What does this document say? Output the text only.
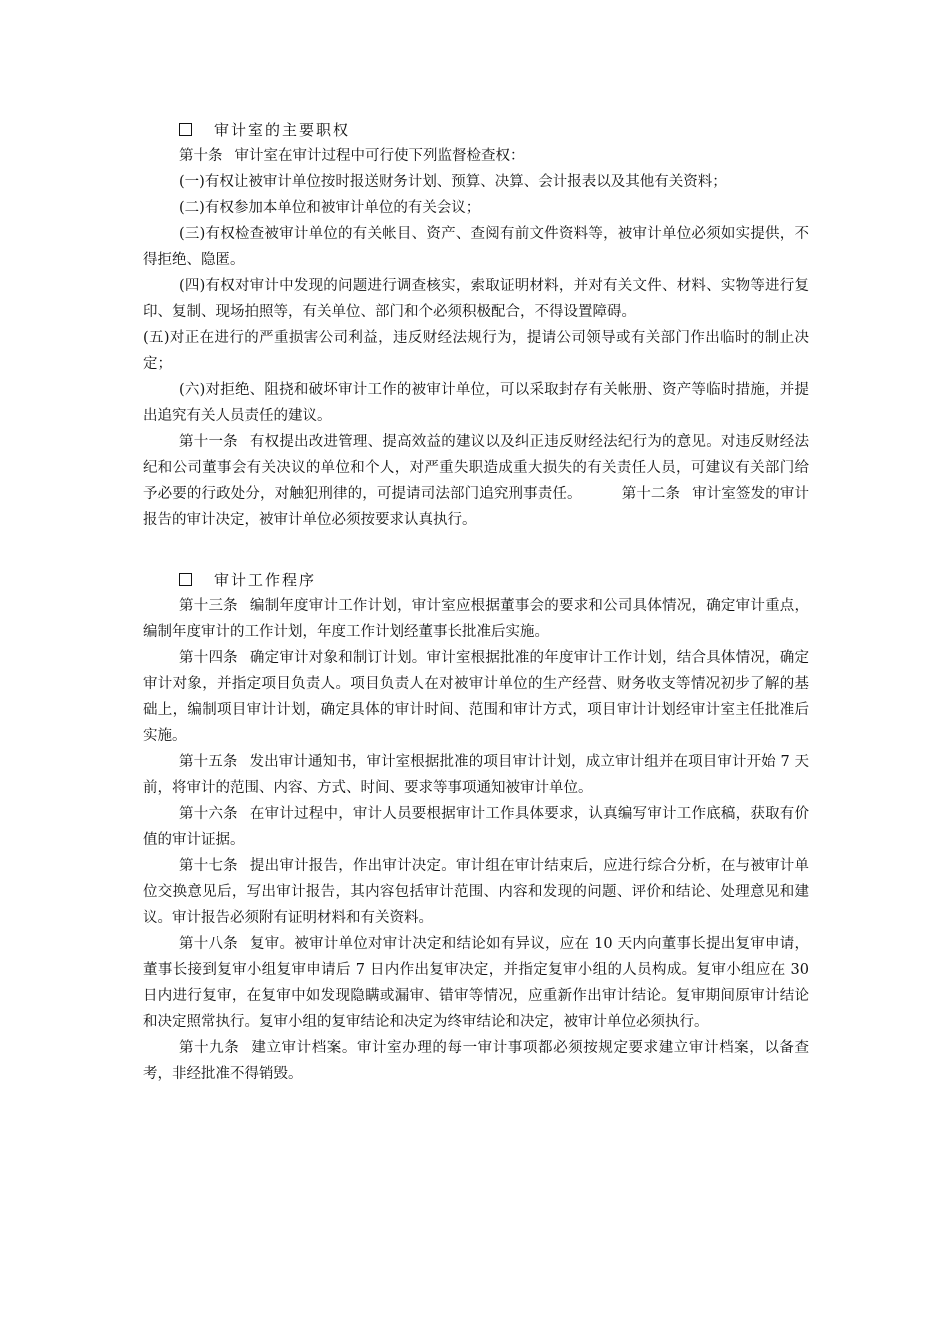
审计室的主要职权

第十条 审计室在审计过程中可行使下列监督检查权：

(一)有权让被审计单位按时报送财务计划、预算、决算、会计报表以及其他有关资料；

(二)有权参加本单位和被审计单位的有关会议；

(三)有权检查被审计单位的有关帐目、资产、查阅有前文件资料等，被审计单位必须如实提供，不得拒绝、隐匿。

(四)有权对审计中发现的问题进行调查核实，索取证明材料，并对有关文件、材料、实物等进行复印、复制、现场拍照等，有关单位、部门和个必须积极配合，不得设置障碍。

(五)对正在进行的严重损害公司利益，违反财经法规行为，提请公司领导或有关部门作出临时的制止决定；

(六)对拒绝、阻挠和破坏审计工作的被审计单位，可以采取封存有关帐册、资产等临时措施，并提出追究有关人员责任的建议。

第十一条 有权提出改进管理、提高效益的建议以及纠正违反财经法纪行为的意见。对违反财经法纪和公司董事会有关决议的单位和个人，对严重失职造成重大损失的有关责任人员，可建议有关部门给予必要的行政处分，对触犯刑律的，可提请司法部门追究刑事责任。	第十二条 审计室签发的审计报告的审计决定，被审计单位必须按要求认真执行。

审计工作程序

第十三条 编制年度审计工作计划，审计室应根据董事会的要求和公司具体情况，确定审计重点，编制年度审计的工作计划，年度工作计划经董事长批准后实施。

第十四条 确定审计对象和制订计划。审计室根据批准的年度审计工作计划，结合具体情况，确定审计对象，并指定项目负责人。项目负责人在对被审计单位的生产经营、财务收支等情况初步了解的基础上，编制项目审计计划，确定具体的审计时间、范围和审计方式，项目审计计划经审计室主任批准后实施。

第十五条 发出审计通知书，审计室根据批准的项目审计计划，成立审计组并在项目审计开始 7 天前，将审计的范围、内容、方式、时间、要求等事项通知被审计单位。

第十六条 在审计过程中，审计人员要根据审计工作具体要求，认真编写审计工作底稿，获取有价值的审计证据。

第十七条 提出审计报告，作出审计决定。审计组在审计结束后，应进行综合分析，在与被审计单位交换意见后，写出审计报告，其内容包括审计范围、内容和发现的问题、评价和结论、处理意见和建议。审计报告必须附有证明材料和有关资料。

第十八条 复审。被审计单位对审计决定和结论如有异议，应在 10 天内向董事长提出复审申请，董事长接到复审小组复审申请后 7 日内作出复审决定，并指定复审小组的人员构成。复审小组应在 30 日内进行复审，在复审中如发现隐瞒或漏审、错审等情况，应重新作出审计结论。复审期间原审计结论和决定照常执行。复审小组的复审结论和决定为终审结论和决定，被审计单位必须执行。

第十九条 建立审计档案。审计室办理的每一审计事项都必须按规定要求建立审计档案，以备查考，非经批准不得销毁。
